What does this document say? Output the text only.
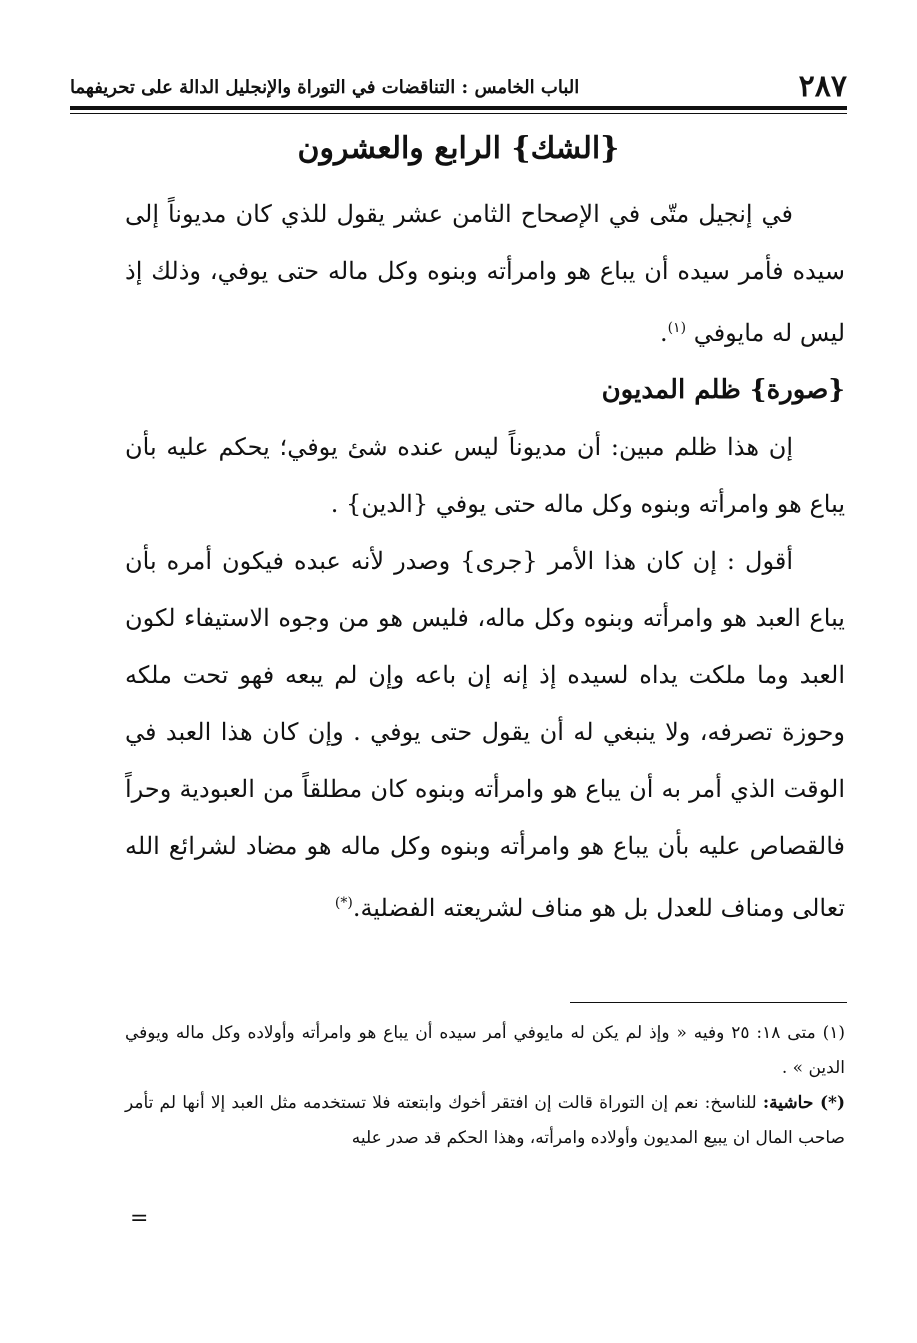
٢٨٧
الباب الخامس : التناقضات في التوراة والإنجليل الدالة على تحريفهما
{الشك} الرابع والعشرون

في إنجيل متّى في الإصحاح الثامن عشر يقول للذي كان مديوناً إلى سيده فأمر سيده أن يباع هو وامرأته وبنوه وكل ماله حتى يوفي، وذلك إذ ليس له مايوفي $^{(١)}$.

{صورة} ظلم المديون

إن هذا ظلم مبين: أن مديوناً ليس عنده شئ يوفي؛ يحكم عليه بأن يباع هو وامرأته وبنوه وكل ماله حتى يوفي {الدين} .

أقول : إن كان هذا الأمر {جرى} وصدر لأنه عبده فيكون أمره بأن يباع العبد هو وامرأته وبنوه وكل ماله، فليس هو من وجوه الاستيفاء لكون العبد وما ملكت يداه لسيده إذ إنه إن باعه وإن لم يبعه فهو تحت ملكه وحوزة تصرفه، ولا ينبغي له أن يقول حتى يوفي . وإن كان هذا العبد في الوقت الذي أمر به أن يباع هو وامرأته وبنوه كان مطلقاً من العبودية وحراً فالقصاص عليه بأن يباع هو وامرأته وبنوه وكل ماله هو مضاد لشرائع الله تعالى ومناف للعدل بل هو مناف لشريعته الفضلية.(*)

(١) متى ١٨: ٢٥ وفيه « وإذ لم يكن له مايوفي أمر سيده أن يباع هو وامرأته وأولاده وكل ماله ويوفي الدين » .

(*) حاشية: للناسخ: نعم إن التوراة قالت إن افتقر أخوك وابتعته فلا تستخدمه مثل العبد إلا أنها لم تأمر صاحب المال ان يبيع المديون وأولاده وامرأته، وهذا الحكم قد صدر عليه

=
